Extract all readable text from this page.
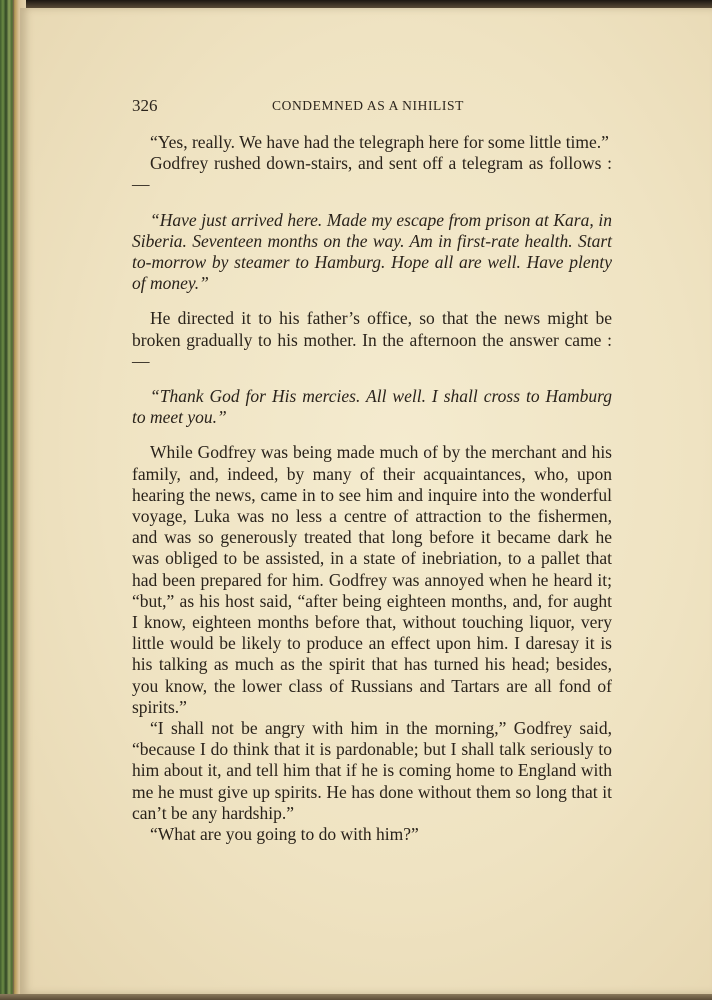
326	CONDEMNED AS A NIHILIST

“Yes, really. We have had the telegraph here for some little time.”

Godfrey rushed down-stairs, and sent off a telegram as follows :—

“Have just arrived here. Made my escape from prison at Kara, in Siberia. Seventeen months on the way. Am in first-rate health. Start to-morrow by steamer to Hamburg. Hope all are well. Have plenty of money.”

He directed it to his father’s office, so that the news might be broken gradually to his mother. In the afternoon the answer came :—

“Thank God for His mercies. All well. I shall cross to Hamburg to meet you.”

While Godfrey was being made much of by the merchant and his family, and, indeed, by many of their acquaintances, who, upon hearing the news, came in to see him and inquire into the wonderful voyage, Luka was no less a centre of attraction to the fishermen, and was so generously treated that long before it became dark he was obliged to be assisted, in a state of inebriation, to a pallet that had been prepared for him. Godfrey was annoyed when he heard it; “but,” as his host said, “after being eighteen months, and, for aught I know, eighteen months before that, without touching liquor, very little would be likely to produce an effect upon him. I daresay it is his talking as much as the spirit that has turned his head; besides, you know, the lower class of Russians and Tartars are all fond of spirits.”

“I shall not be angry with him in the morning,” Godfrey said, “because I do think that it is pardonable; but I shall talk seriously to him about it, and tell him that if he is coming home to England with me he must give up spirits. He has done without them so long that it can’t be any hardship.”

“What are you going to do with him?”
